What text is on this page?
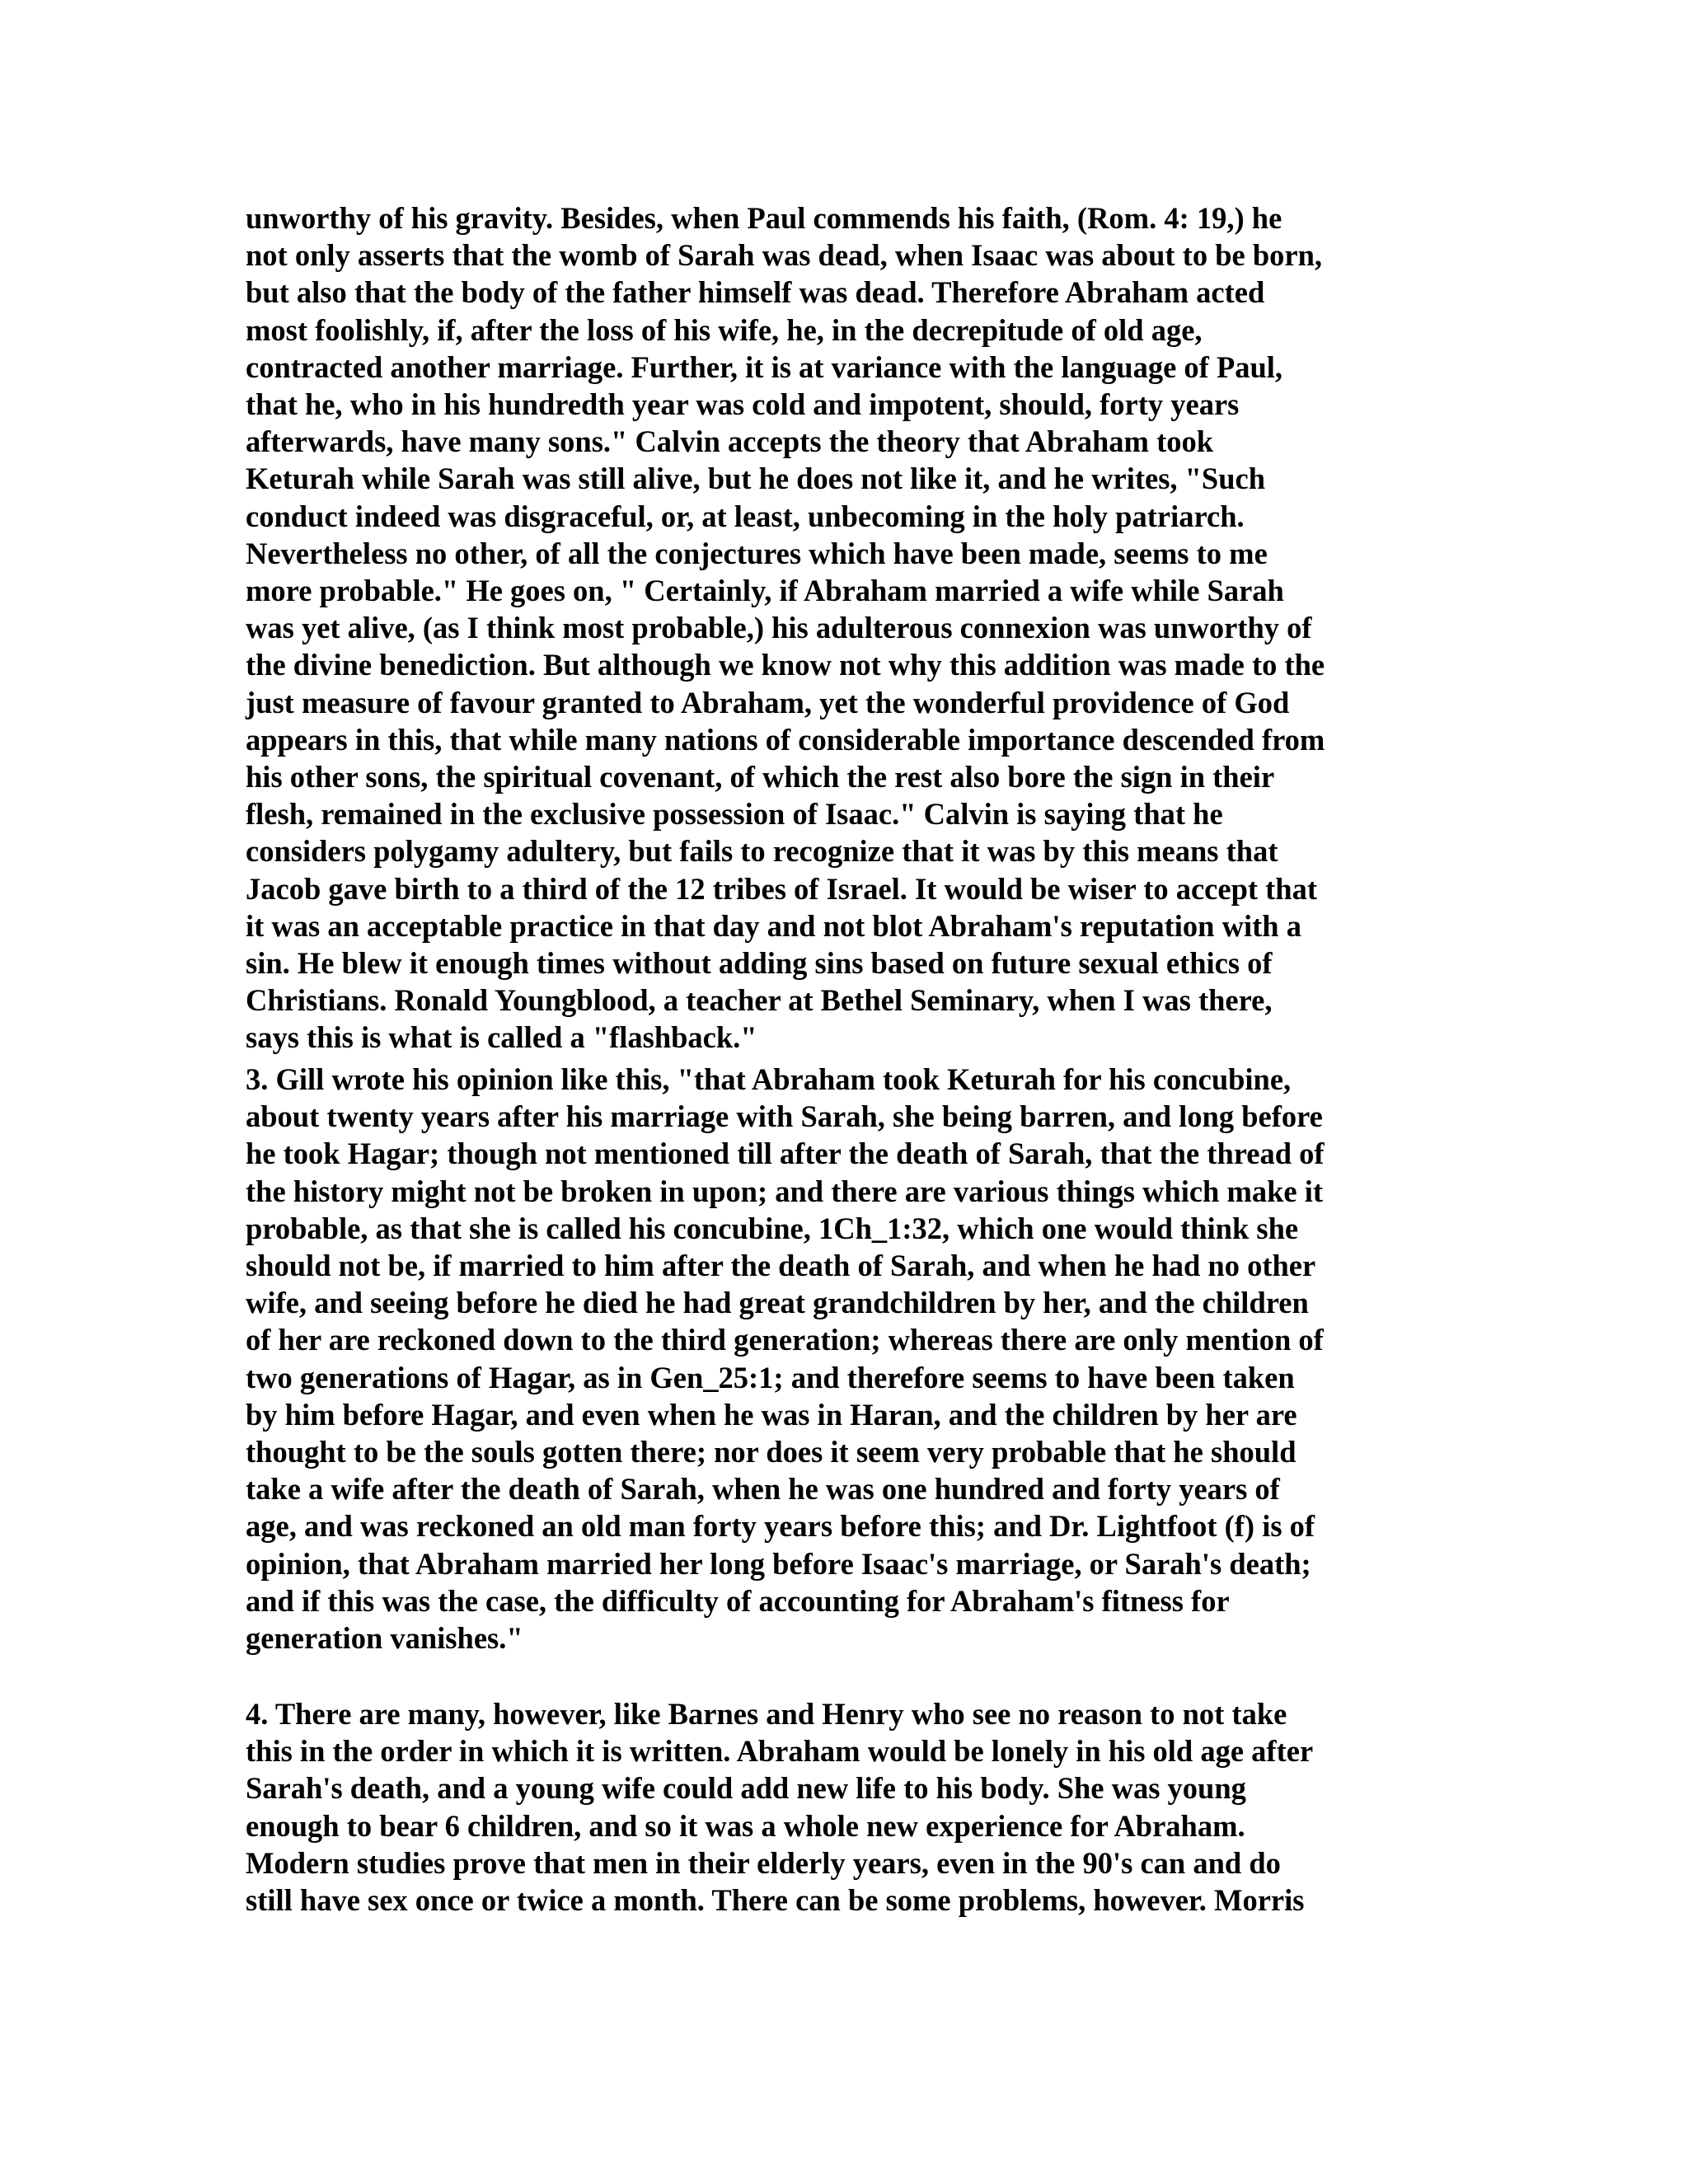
unworthy of his gravity. Besides, when Paul commends his faith, (Rom. 4: 19,) he
not only asserts that the womb of Sarah was dead, when Isaac was about to be born,
but also that the body of the father himself was dead. Therefore Abraham acted
most foolishly, if, after the loss of his wife, he, in the decrepitude of old age,
contracted another marriage. Further, it is at variance with the language of Paul,
that he, who in his hundredth year was cold and impotent, should, forty years
afterwards, have many sons." Calvin accepts the theory that Abraham took
Keturah while Sarah was still alive, but he does not like it, and he writes, "Such
conduct indeed was disgraceful, or, at least, unbecoming in the holy patriarch.
Nevertheless no other, of all the conjectures which have been made, seems to me
more probable." He goes on, " Certainly, if Abraham married a wife while Sarah
was yet alive, (as I think most probable,) his adulterous connexion was unworthy of
the divine benediction. But although we know not why this addition was made to the
just measure of favour granted to Abraham, yet the wonderful providence of God
appears in this, that while many nations of considerable importance descended from
his other sons, the spiritual covenant, of which the rest also bore the sign in their
flesh, remained in the exclusive possession of Isaac." Calvin is saying that he
considers polygamy adultery, but fails to recognize that it was by this means that
Jacob gave birth to a third of the 12 tribes of Israel. It would be wiser to accept that
it was an acceptable practice in that day and not blot Abraham's reputation with a
sin. He blew it enough times without adding sins based on future sexual ethics of
Christians. Ronald Youngblood, a teacher at Bethel Seminary, when I was there,
says this is what is called a "flashback."
3. Gill wrote his opinion like this, "that Abraham took Keturah for his concubine,
about twenty years after his marriage with Sarah, she being barren, and long before
he took Hagar; though not mentioned till after the death of Sarah, that the thread of
the history might not be broken in upon; and there are various things which make it
probable, as that she is called his concubine, 1Ch_1:32, which one would think she
should not be, if married to him after the death of Sarah, and when he had no other
wife, and seeing before he died he had great grandchildren by her, and the children
of her are reckoned down to the third generation; whereas there are only mention of
two generations of Hagar, as in Gen_25:1; and therefore seems to have been taken
by him before Hagar, and even when he was in Haran, and the children by her are
thought to be the souls gotten there; nor does it seem very probable that he should
take a wife after the death of Sarah, when he was one hundred and forty years of
age, and was reckoned an old man forty years before this; and Dr. Lightfoot (f) is of
opinion, that Abraham married her long before Isaac's marriage, or Sarah's death;
and if this was the case, the difficulty of accounting for Abraham's fitness for
generation vanishes."
4. There are many, however, like Barnes and Henry who see no reason to not take
this in the order in which it is written. Abraham would be lonely in his old age after
Sarah's death, and a young wife could add new life to his body. She was young
enough to bear 6 children, and so it was a whole new experience for Abraham.
Modern studies prove that men in their elderly years, even in the 90's can and do
still have sex once or twice a month. There can be some problems, however. Morris
